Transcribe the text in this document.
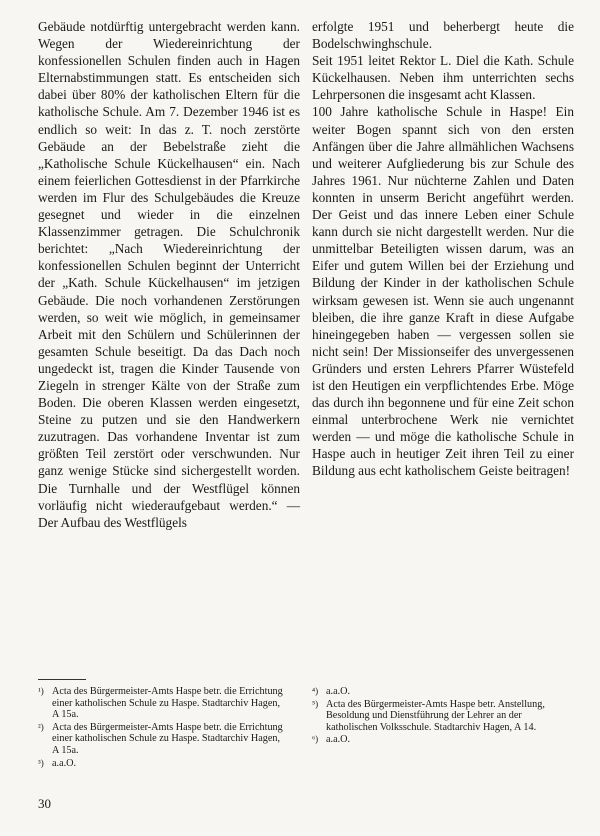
Gebäude notdürftig untergebracht werden kann. Wegen der Wiedereinrichtung der konfessionellen Schulen finden auch in Hagen Elternabstimmungen statt. Es entscheiden sich dabei über 80% der katholischen Eltern für die katholische Schule. Am 7. Dezember 1946 ist es endlich so weit: In das z. T. noch zerstörte Gebäude an der Bebelstraße zieht die „Katholische Schule Kückelhausen“ ein. Nach einem feierlichen Gottesdienst in der Pfarrkirche werden im Flur des Schulgebäudes die Kreuze gesegnet und wieder in die einzelnen Klassenzimmer getragen. Die Schulchronik berichtet: „Nach Wiedereinrichtung der konfessionellen Schulen beginnt der Unterricht der „Kath. Schule Kückelhausen“ im jetzigen Gebäude. Die noch vorhandenen Zerstörungen werden, so weit wie möglich, in gemeinsamer Arbeit mit den Schülern und Schülerinnen der gesamten Schule beseitigt. Da das Dach noch ungedeckt ist, tragen die Kinder Tausende von Ziegeln in strenger Kälte von der Straße zum Boden. Die oberen Klassen werden eingesetzt, Steine zu putzen und sie den Handwerkern zuzutragen. Das vorhandene Inventar ist zum größten Teil zerstört oder verschwunden. Nur ganz wenige Stücke sind sichergestellt worden. Die Turnhalle und der Westflügel können vorläufig nicht wiederaufgebaut werden.“ — Der Aufbau des Westflügels

erfolgte 1951 und beherbergt heute die Bodelschwinghschule.

Seit 1951 leitet Rektor L. Diel die Kath. Schule Kückelhausen. Neben ihm unterrichten sechs Lehrpersonen die insgesamt acht Klassen.

100 Jahre katholische Schule in Haspe! Ein weiter Bogen spannt sich von den ersten Anfängen über die Jahre allmählichen Wachsens und weiterer Aufgliederung bis zur Schule des Jahres 1961. Nur nüchterne Zahlen und Daten konnten in unserm Bericht angeführt werden. Der Geist und das innere Leben einer Schule kann durch sie nicht dargestellt werden. Nur die unmittelbar Beteiligten wissen darum, was an Eifer und gutem Willen bei der Erziehung und Bildung der Kinder in der katholischen Schule wirksam gewesen ist. Wenn sie auch ungenannt bleiben, die ihre ganze Kraft in diese Aufgabe hineingegeben haben — vergessen sollen sie nicht sein! Der Missionseifer des unvergessenen Gründers und ersten Lehrers Pfarrer Wüstefeld ist den Heutigen ein verpflichtendes Erbe. Möge das durch ihn begonnene und für eine Zeit schon einmal unterbrochene Werk nie vernichtet werden — und möge die katholische Schule in Haspe auch in heutiger Zeit ihren Teil zu einer Bildung aus echt katholischem Geiste beitragen!

¹) Acta des Bürgermeister-Amts Haspe betr. die Errichtung einer katholischen Schule zu Haspe. Stadtarchiv Hagen, A 15a.
²) Acta des Bürgermeister-Amts Haspe betr. die Errichtung einer katholischen Schule zu Haspe. Stadtarchiv Hagen, A 15a.
³) a.a.O.
⁴) a.a.O.
⁵) Acta des Bürgermeister-Amts Haspe betr. Anstellung, Besoldung und Dienstführung der Lehrer an der katholischen Volksschule. Stadtarchiv Hagen, A 14.
⁶) a.a.O.
30
